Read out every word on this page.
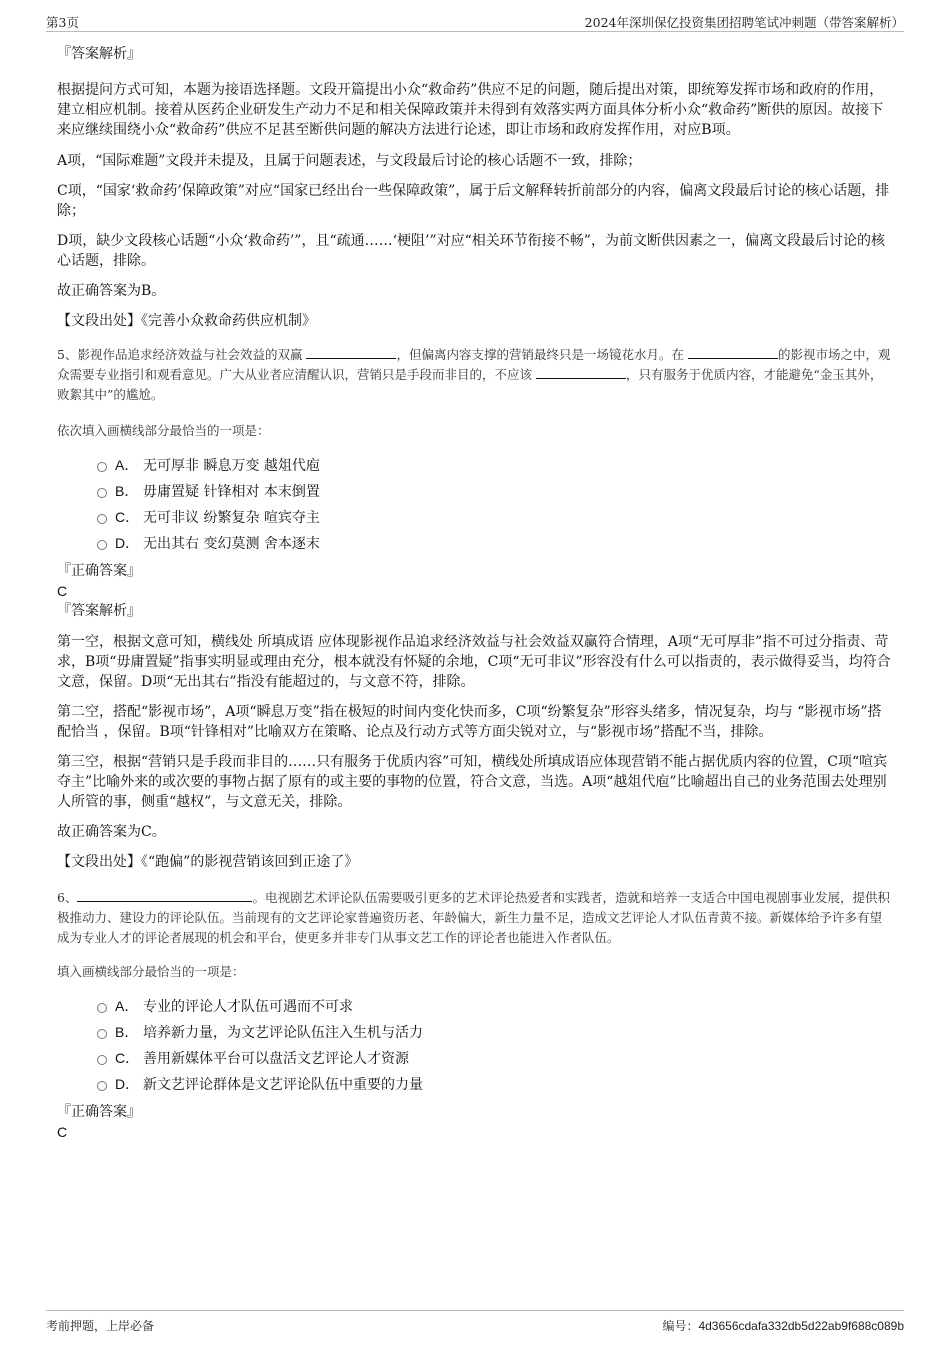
第3页	2024年深圳保亿投资集团招聘笔试冲刺题（带答案解析）

『答案解析』

根据提问方式可知，本题为接语选择题。文段开篇提出小众“救命药”供应不足的问题，随后提出对策，即统筹发挥市场和政府的作用，建立相应机制。接着从医药企业研发生产动力不足和相关保障政策并未得到有效落实两方面具体分析小众“救命药”断供的原因。故接下来应继续围绕小众“救命药”供应不足甚至断供问题的解决方法进行论述，即让市场和政府发挥作用，对应B项。

A项，“国际难题”文段并未提及，且属于问题表述，与文段最后讨论的核心话题不一致，排除；

C项，“国家‘救命药’保障政策”对应“国家已经出台一些保障政策”，属于后文解释转折前部分的内容，偏离文段最后讨论的核心话题，排除；

D项，缺少文段核心话题“小众‘救命药’”，且“疏通……‘梗阻’”对应“相关环节衔接不畅”，为前文断供因素之一，偏离文段最后讨论的核心话题，排除。

故正确答案为B。

【文段出处】《完善小众救命药供应机制》

5、影视作品追求经济效益与社会效益的双赢	，但偏离内容支撑的营销最终只是一场镜花水月。在	的影视市场之中，观众需要专业指引和观看意见。广大从业者应清醒认识，营销只是手段而非目的，不应该	，只有服务于优质内容，才能避免“金玉其外，败絮其中”的尴尬。

依次填入画横线部分最恰当的一项是：

A． 无可厚非 瞬息万变 越俎代庖
B． 毋庸置疑 针锋相对 本末倒置
C． 无可非议 纷繁复杂 喧宾夺主
D． 无出其右 变幻莫测 舍本逐末

『正确答案』

C

『答案解析』

第一空，根据文意可知，横线处 所填成语 应体现影视作品追求经济效益与社会效益双赢符合情理，A项“无可厚非”指不可过分指责、苛求，B项“毋庸置疑”指事实明显或理由充分，根本就没有怀疑的余地，C项“无可非议”形容没有什么可以指责的，表示做得妥当，均符合文意，保留。D项“无出其右”指没有能超过的，与文意不符，排除。

第二空，搭配“影视市场”，A项“瞬息万变”指在极短的时间内变化快而多，C项“纷繁复杂”形容头绪多，情况复杂，均与 “影视市场”搭配恰当 ，保留。B项“针锋相对”比喻双方在策略、论点及行动方式等方面尖锐对立，与“影视市场”搭配不当，排除。

第三空，根据“营销只是手段而非目的……只有服务于优质内容”可知，横线处所填成语应体现营销不能占据优质内容的位置，C项“喧宾夺主”比喻外来的或次要的事物占据了原有的或主要的事物的位置，符合文意，当选。A项“越俎代庖”比喻超出自己的业务范围去处理别人所管的事，侧重“越权”，与文意无关，排除。

故正确答案为C。

【文段出处】《“跑偏”的影视营销该回到正途了》

6、	。电视剧艺术评论队伍需要吸引更多的艺术评论热爱者和实践者，造就和培养一支适合中国电视剧事业发展，提供积极推动力、建设力的评论队伍。当前现有的文艺评论家普遍资历老、年龄偏大，新生力量不足，造成文艺评论人才队伍青黄不接。新媒体给予许多有望成为专业人才的评论者展现的机会和平台，使更多并非专门从事文艺工作的评论者也能进入作者队伍。

填入画横线部分最恰当的一项是：

A． 专业的评论人才队伍可遇而不可求
B． 培养新力量，为文艺评论队伍注入生机与活力
C． 善用新媒体平台可以盘活文艺评论人才资源
D． 新文艺评论群体是文艺评论队伍中重要的力量

『正确答案』

C

考前押题，上岸必备	编号：4d3656cdafa332db5d22ab9f688c089b
